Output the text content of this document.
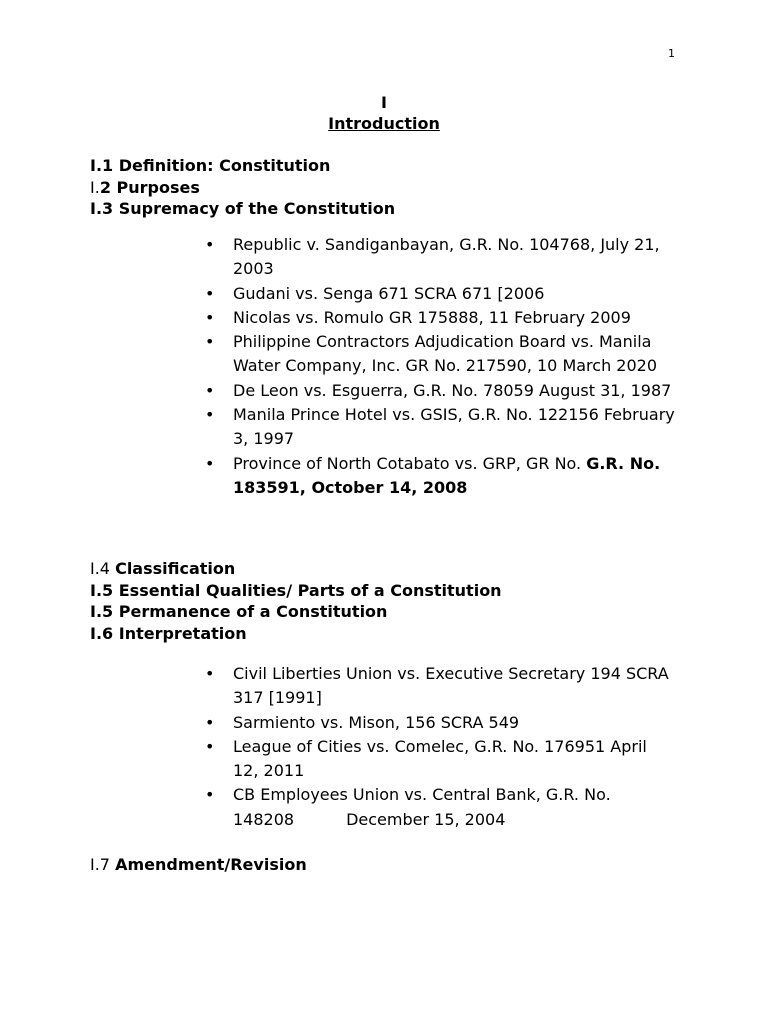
1
I
Introduction
I.1 Definition: Constitution
I.2 Purposes
I.3 Supremacy of the Constitution
•	Republic v. Sandiganbayan, G.R. No. 104768, July 21, 2003
•	Gudani vs. Senga 671 SCRA 671 [2006
•	Nicolas vs. Romulo GR 175888, 11 February 2009
•	Philippine Contractors Adjudication Board vs. Manila Water Company, Inc. GR No. 217590, 10 March 2020
•	De Leon vs. Esguerra, G.R. No. 78059 August 31, 1987
•	Manila Prince Hotel vs. GSIS, G.R. No. 122156 February 3, 1997
•	Province of North Cotabato vs. GRP, GR No. G.R. No. 183591, October 14, 2008
I.4 Classification
I.5 Essential Qualities/ Parts of a Constitution
I.5 Permanence of a Constitution
I.6 Interpretation
•	Civil Liberties Union vs. Executive Secretary 194 SCRA 317 [1991]
•	Sarmiento vs. Mison, 156 SCRA 549
•	League of Cities vs. Comelec, G.R. No. 176951 April 12, 2011
•	CB Employees Union vs. Central Bank, G.R. No. 148208	December 15, 2004
I.7 Amendment/Revision
